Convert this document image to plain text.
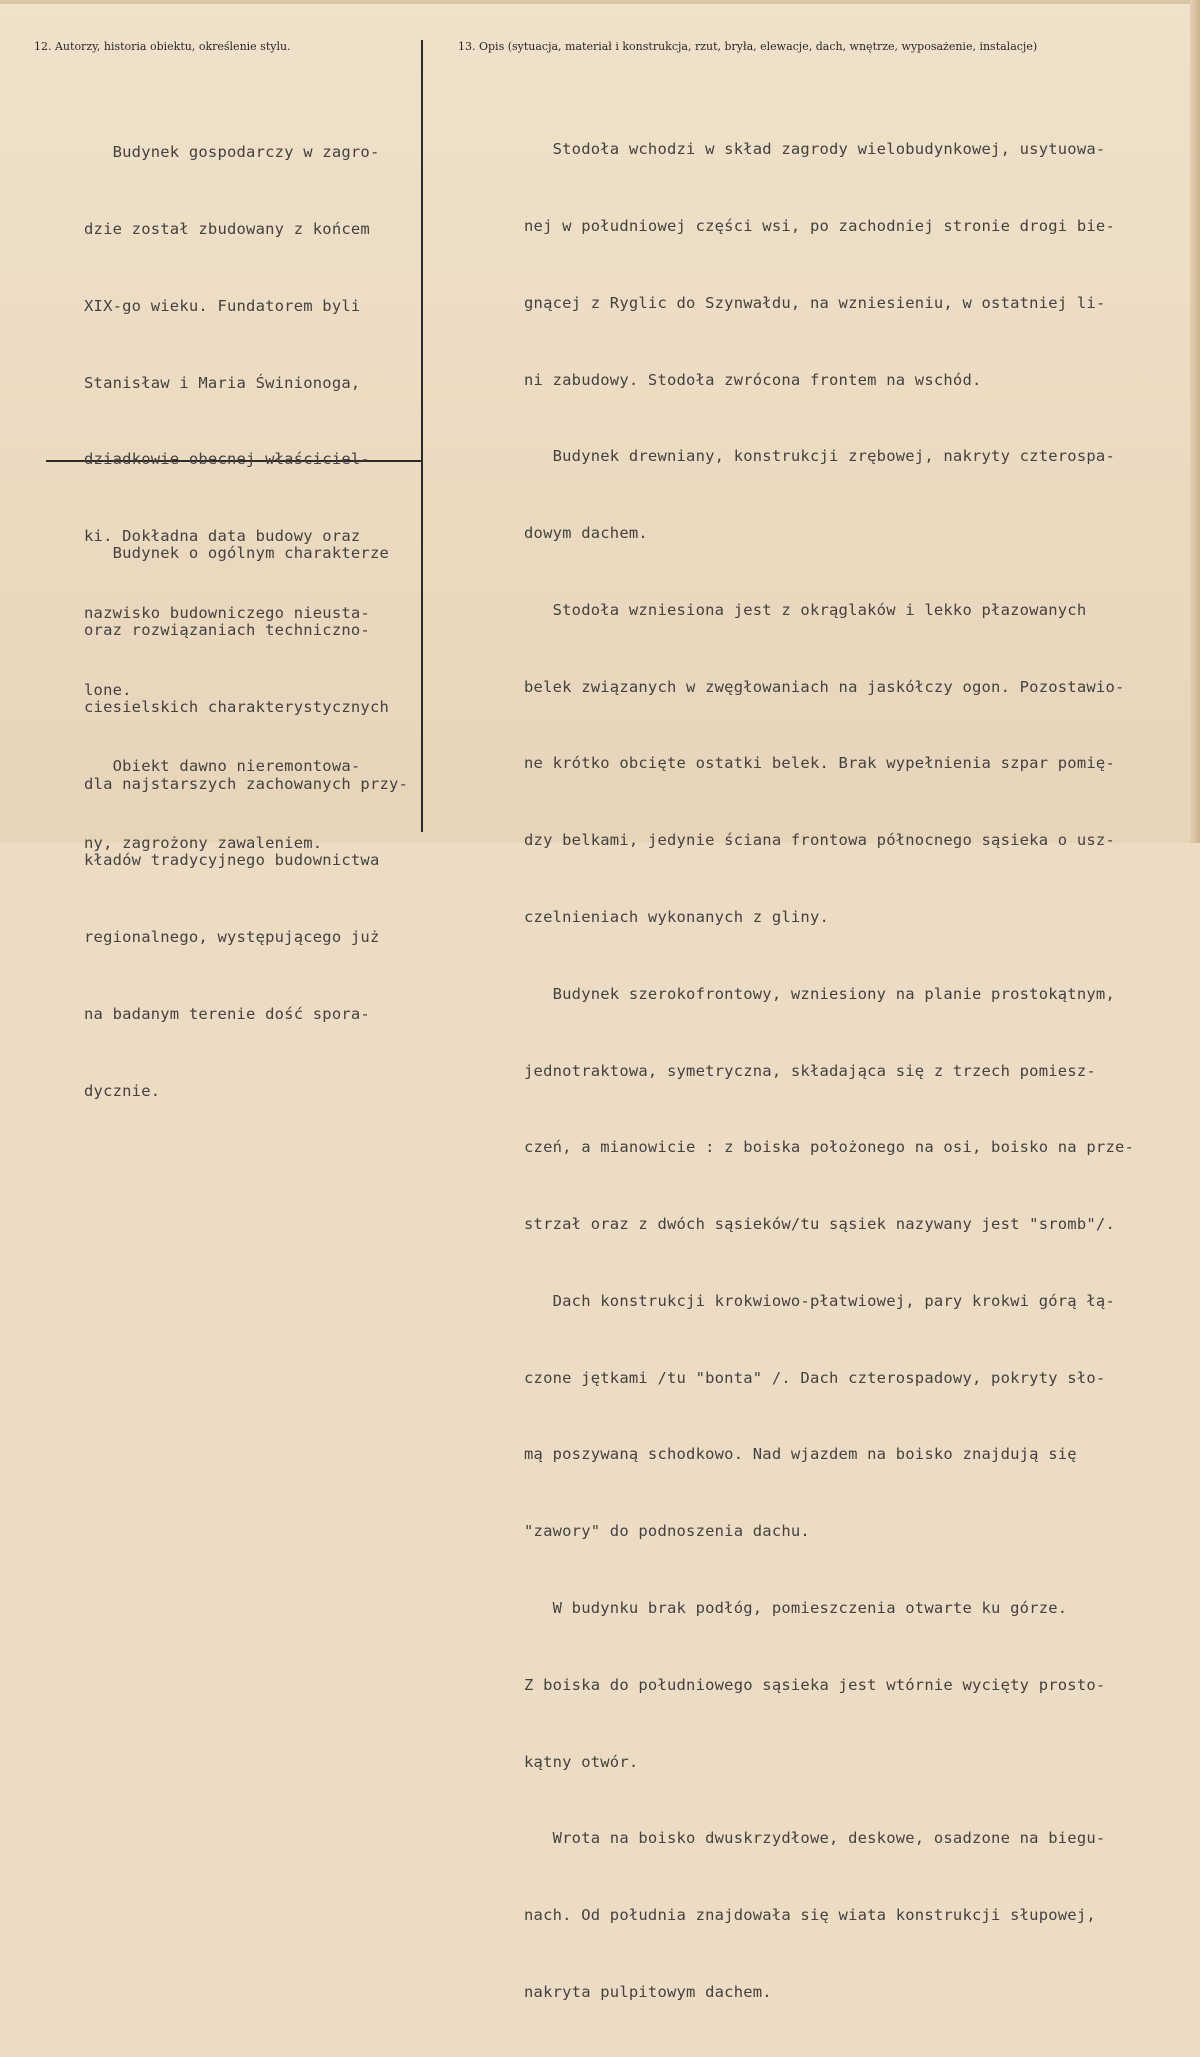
12. Autorzy, historia obiektu, określenie stylu.	13. Opis (sytuacja, materiał i konstrukcja, rzut, bryła, elewacje, dach, wnętrze, wyposażenie, instalacje)

Budynek gospodarczy w zagro-

dzie został zbudowany z końcem

XIX-go wieku. Fundatorem byli

Stanisław i Maria Świnionoga,

dziadkowie obecnej właściciel-

ki. Dokładna data budowy oraz

nazwisko budowniczego nieusta-

lone.

Obiekt dawno nieremontowa-

ny, zagrożony zawaleniem.

Budynek o ogólnym charakterze

oraz rozwiązaniach techniczno-

ciesielskich charakterystycznych

dla najstarszych zachowanych przy-

kładów tradycyjnego budownictwa

regionalnego, występującego już

na badanym terenie dość spora-

dycznie.

Stodoła wchodzi w skład zagrody wielobudynkowej, usytuowa-

nej w południowej części wsi, po zachodniej stronie drogi bie-

gnącej z Ryglic do Szynwałdu, na wzniesieniu, w ostatniej li-

ni zabudowy. Stodoła zwrócona frontem na wschód.

Budynek drewniany, konstrukcji zrębowej, nakryty czterospa-

dowym dachem.

Stodoła wzniesiona jest z okrąglaków i lekko płazowanych

belek związanych w zwęgłowaniach na jaskółczy ogon. Pozostawio-

ne krótko obcięte ostatki belek. Brak wypełnienia szpar pomię-

dzy belkami, jedynie ściana frontowa północnego sąsieka o usz-

czelnieniach wykonanych z gliny.

Budynek szerokofrontowy, wzniesiony na planie prostokątnym,

jednotraktowa, symetryczna, składająca się z trzech pomiesz-

czeń, a mianowicie : z boiska położonego na osi, boisko na prze-

strzał oraz z dwóch sąsieków/tu sąsiek nazywany jest "sromb"/.

Dach konstrukcji krokwiowo-płatwiowej, pary krokwi górą łą-

czone jętkami /tu "bonta" /. Dach czterospadowy, pokryty sło-

mą poszywaną schodkowo. Nad wjazdem na boisko znajdują się

"zawory" do podnoszenia dachu.

W budynku brak podłóg, pomieszczenia otwarte ku górze.

Z boiska do południowego sąsieka jest wtórnie wycięty prosto-

kątny otwór.

Wrota na boisko dwuskrzydłowe, deskowe, osadzone na biegu-

nach. Od południa znajdowała się wiata konstrukcji słupowej,

nakryta pulpitowym dachem.
